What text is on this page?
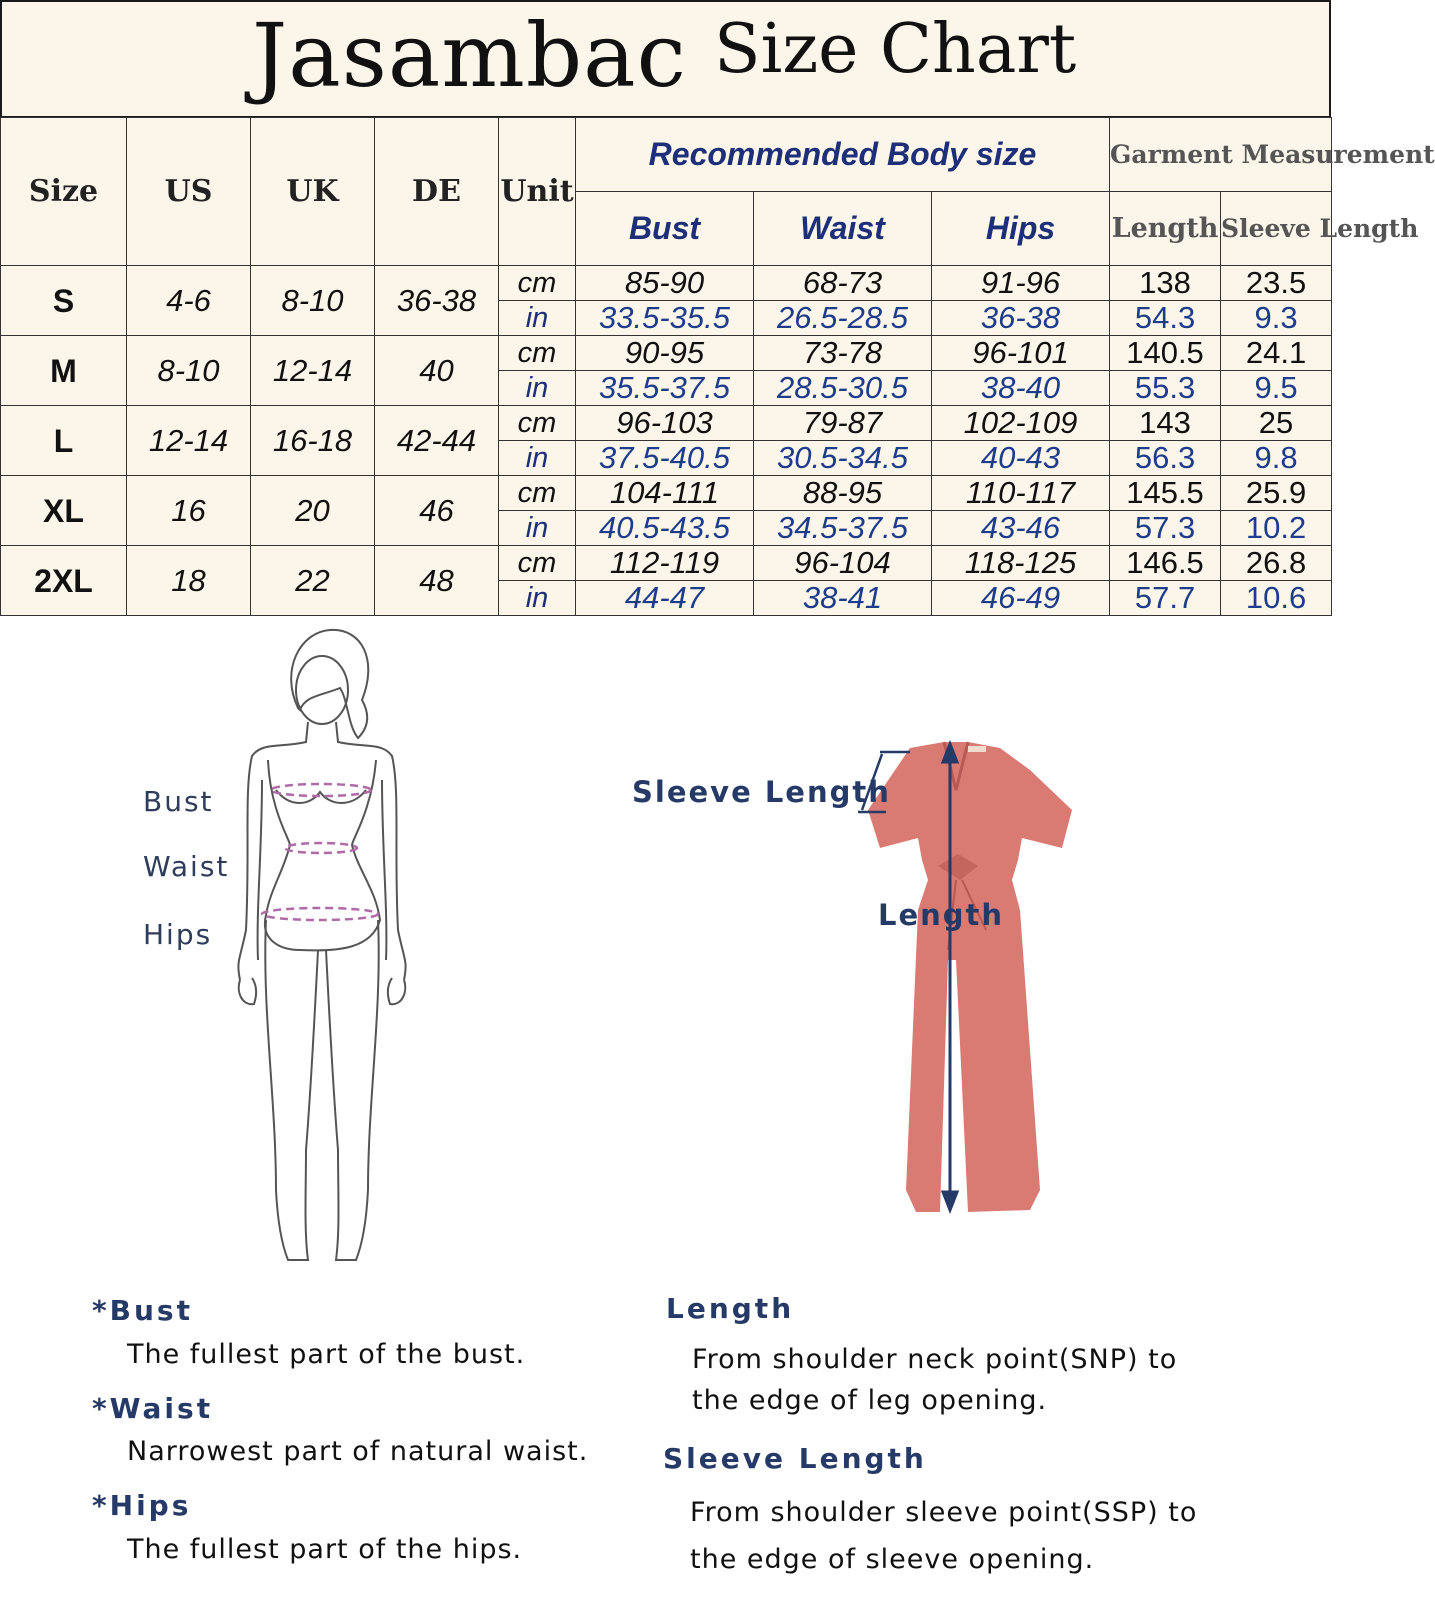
Jasambac Size Chart
Size	US	UK	DE	Unit	Recommended Body size			Garment Measurement	
					Bust	Waist	Hips	Length	Sleeve Length
S	4-6	8-10	36-38	cm	85-90	68-73	91-96	138	23.5
				in	33.5-35.5	26.5-28.5	36-38	54.3	9.3
M	8-10	12-14	40	cm	90-95	73-78	96-101	140.5	24.1
				in	35.5-37.5	28.5-30.5	38-40	55.3	9.5
L	12-14	16-18	42-44	cm	96-103	79-87	102-109	143	25
				in	37.5-40.5	30.5-34.5	40-43	56.3	9.8
XL	16	20	46	cm	104-111	88-95	110-117	145.5	25.9
				in	40.5-43.5	34.5-37.5	43-46	57.3	10.2
2XL	18	22	48	cm	112-119	96-104	118-125	146.5	26.8
				in	44-47	38-41	46-49	57.7	10.6
Bust
Waist
Hips
Sleeve Length
Length
*Bust
The fullest part of the bust.
*Waist
Narrowest part of natural waist.
*Hips
The fullest part of the hips.
Length
From shoulder neck point(SNP) to
the edge of leg opening.
Sleeve Length
From shoulder sleeve point(SSP) to
the edge of sleeve opening.
